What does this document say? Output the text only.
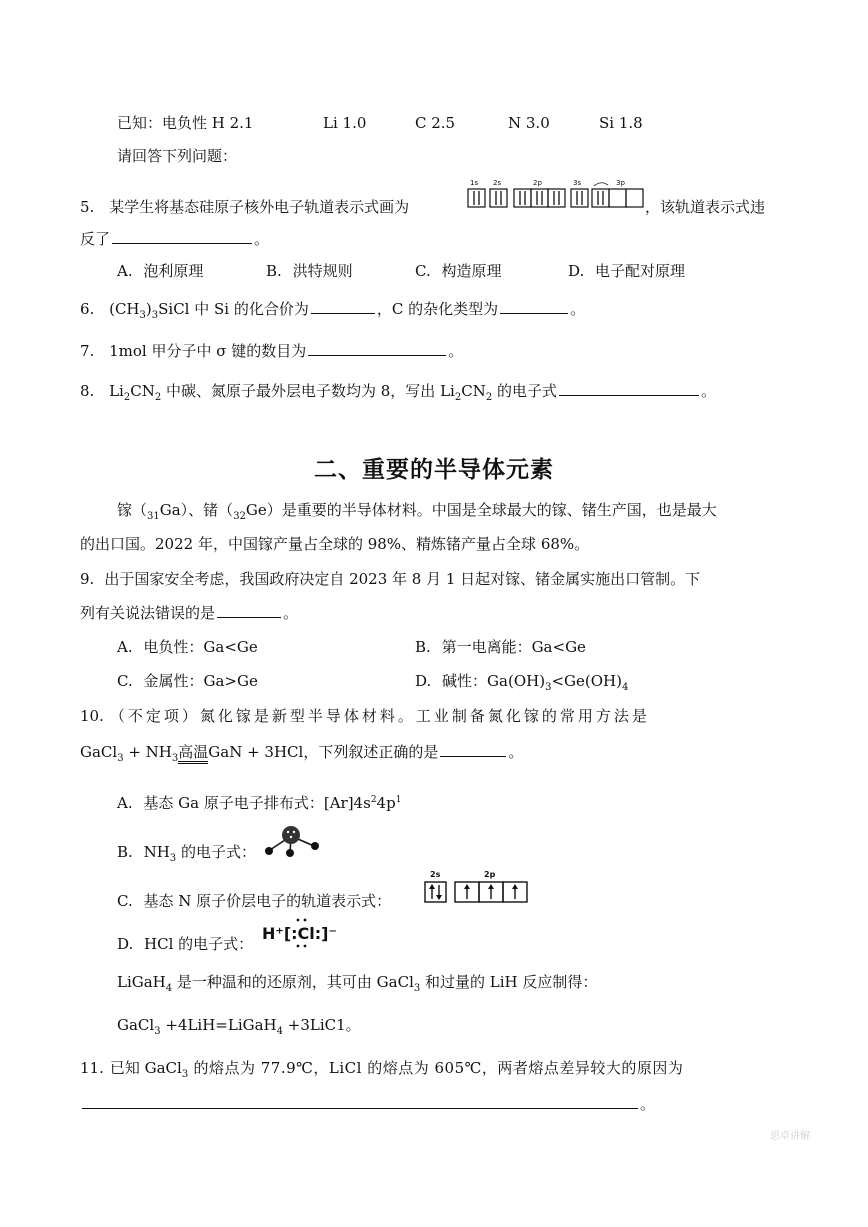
已知：电负性 H 2.1	Li 1.0	C 2.5	N 3.0	Si 1.8
请回答下列问题：
5. 某学生将基态硅原子核外电子轨道表示式画为
1s 2s	2p	3s	3p
，该轨道表示式违
反了	。
A. 泡利原理	B. 洪特规则	C. 构造原理	D. 电子配对原理
6. $(CH_3)_3SiCl$ 中 Si 的化合价为	，C 的杂化类型为	。
7. 1mol 甲分子中 σ 键的数目为	。
8. $Li_2CN_2$ 中碳、氮原子最外层电子数均为 8，写出 $Li_2CN_2$ 的电子式	。
二、重要的半导体元素
镓$(_{31}Ga)$、锗$(_{32}Ge)$是重要的半导体材料。中国是全球最大的镓、锗生产国，也是最大
的出口国。2022 年，中国镓产量占全球的 98%、精炼锗产量占全球 68%。
9. 出于国家安全考虑，我国政府决定自 2023 年 8 月 1 日起对镓、锗金属实施出口管制。下
列有关说法错误的是	。
A. 电负性：Ga<Ge	B. 第一电离能：Ga<Ge
C. 金属性：Ga>Ge	D. 碱性：$Ga(OH)_3<Ge(OH)_4$
10. （不定项）氮化镓是新型半导体材料。工业制备氮化镓的常用方法是
GaCl$_3$ + $NH_3$高温GaN + 3HCl，下列叙述正确的是	。
A. 基态 Ga 原子电子排布式：$[Ar]4s^24p^1$
B. $NH_3$ 的电子式：
C. 基态 N 原子价层电子的轨道表示式：
2s	2p
D. HCl 的电子式：
H⁺[:Cl:]⁻
LiGaH$_4$ 是一种温和的还原剂，其可由 GaCl$_3$ 和过量的 LiH 反应制得：
GaCl$_3$ +4LiH=LiGaH$_4$ +3LiC1。
11. 已知 GaCl$_3$ 的熔点为 77.9℃，LiCl 的熔点为 605℃，两者熔点差异较大的原因为
。
思卓讲解
